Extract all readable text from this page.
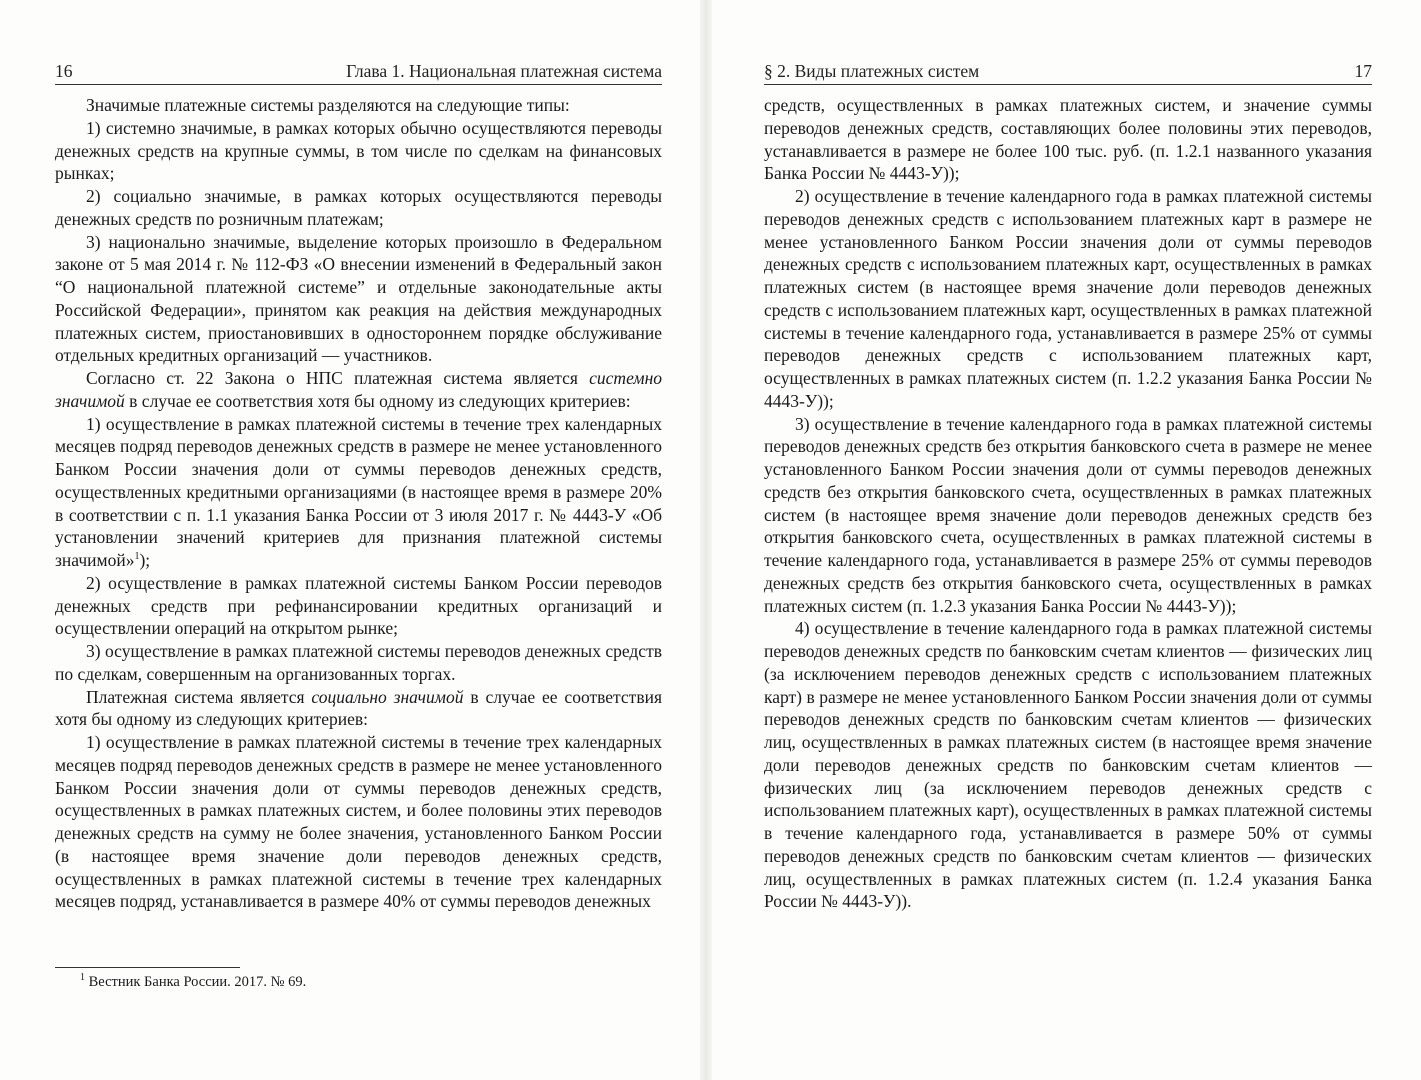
16	Глава 1. Национальная платежная система

Значимые платежные системы разделяются на следующие типы:

1) системно значимые, в рамках которых обычно осуществляются переводы денежных средств на крупные суммы, в том числе по сделкам на финансовых рынках;

2) социально значимые, в рамках которых осуществляются переводы денежных средств по розничным платежам;

3) национально значимые, выделение которых произошло в Федеральном законе от 5 мая 2014 г. № 112-ФЗ «О внесении изменений в Федеральный закон “О национальной платежной системе” и отдельные законодательные акты Российской Федерации», принятом как реакция на действия международных платежных систем, приостановивших в одностороннем порядке обслуживание отдельных кредитных организаций — участников.

Согласно ст. 22 Закона о НПС платежная система является системно значимой в случае ее соответствия хотя бы одному из следующих критериев:

1) осуществление в рамках платежной системы в течение трех календарных месяцев подряд переводов денежных средств в размере не менее установленного Банком России значения доли от суммы переводов денежных средств, осуществленных кредитными организациями (в настоящее время в размере 20% в соответствии с п. 1.1 указания Банка России от 3 июля 2017 г. № 4443-У «Об установлении значений критериев для признания платежной системы значимой»$^1$);

2) осуществление в рамках платежной системы Банком России переводов денежных средств при рефинансировании кредитных организаций и осуществлении операций на открытом рынке;

3) осуществление в рамках платежной системы переводов денежных средств по сделкам, совершенным на организованных торгах.

Платежная система является социально значимой в случае ее соответствия хотя бы одному из следующих критериев:

1) осуществление в рамках платежной системы в течение трех календарных месяцев подряд переводов денежных средств в размере не менее установленного Банком России значения доли от суммы переводов денежных средств, осуществленных в рамках платежных систем, и более половины этих переводов денежных средств на сумму не более значения, установленного Банком России (в настоящее время значение доли переводов денежных средств, осуществленных в рамках платежной системы в течение трех календарных месяцев подряд, устанавливается в размере 40% от суммы переводов денежных

$^1$ Вестник Банка России. 2017. № 69.
§ 2. Виды платежных систем	17

средств, осуществленных в рамках платежных систем, и значение суммы переводов денежных средств, составляющих более половины этих переводов, устанавливается в размере не более 100 тыс. руб. (п. 1.2.1 названного указания Банка России № 4443-У));

2) осуществление в течение календарного года в рамках платежной системы переводов денежных средств с использованием платежных карт в размере не менее установленного Банком России значения доли от суммы переводов денежных средств с использованием платежных карт, осуществленных в рамках платежных систем (в настоящее время значение доли переводов денежных средств с использованием платежных карт, осуществленных в рамках платежной системы в течение календарного года, устанавливается в размере 25% от суммы переводов денежных средств с использованием платежных карт, осуществленных в рамках платежных систем (п. 1.2.2 указания Банка России № 4443-У));

3) осуществление в течение календарного года в рамках платежной системы переводов денежных средств без открытия банковского счета в размере не менее установленного Банком России значения доли от суммы переводов денежных средств без открытия банковского счета, осуществленных в рамках платежных систем (в настоящее время значение доли переводов денежных средств без открытия банковского счета, осуществленных в рамках платежной системы в течение календарного года, устанавливается в размере 25% от суммы переводов денежных средств без открытия банковского счета, осуществленных в рамках платежных систем (п. 1.2.3 указания Банка России № 4443-У));

4) осуществление в течение календарного года в рамках платежной системы переводов денежных средств по банковским счетам клиентов — физических лиц (за исключением переводов денежных средств с использованием платежных карт) в размере не менее установленного Банком России значения доли от суммы переводов денежных средств по банковским счетам клиентов — физических лиц, осуществленных в рамках платежных систем (в настоящее время значение доли переводов денежных средств по банковским счетам клиентов — физических лиц (за исключением переводов денежных средств с использованием платежных карт), осуществленных в рамках платежной системы в течение календарного года, устанавливается в размере 50% от суммы переводов денежных средств по банковским счетам клиентов — физических лиц, осуществленных в рамках платежных систем (п. 1.2.4 указания Банка России № 4443-У)).
